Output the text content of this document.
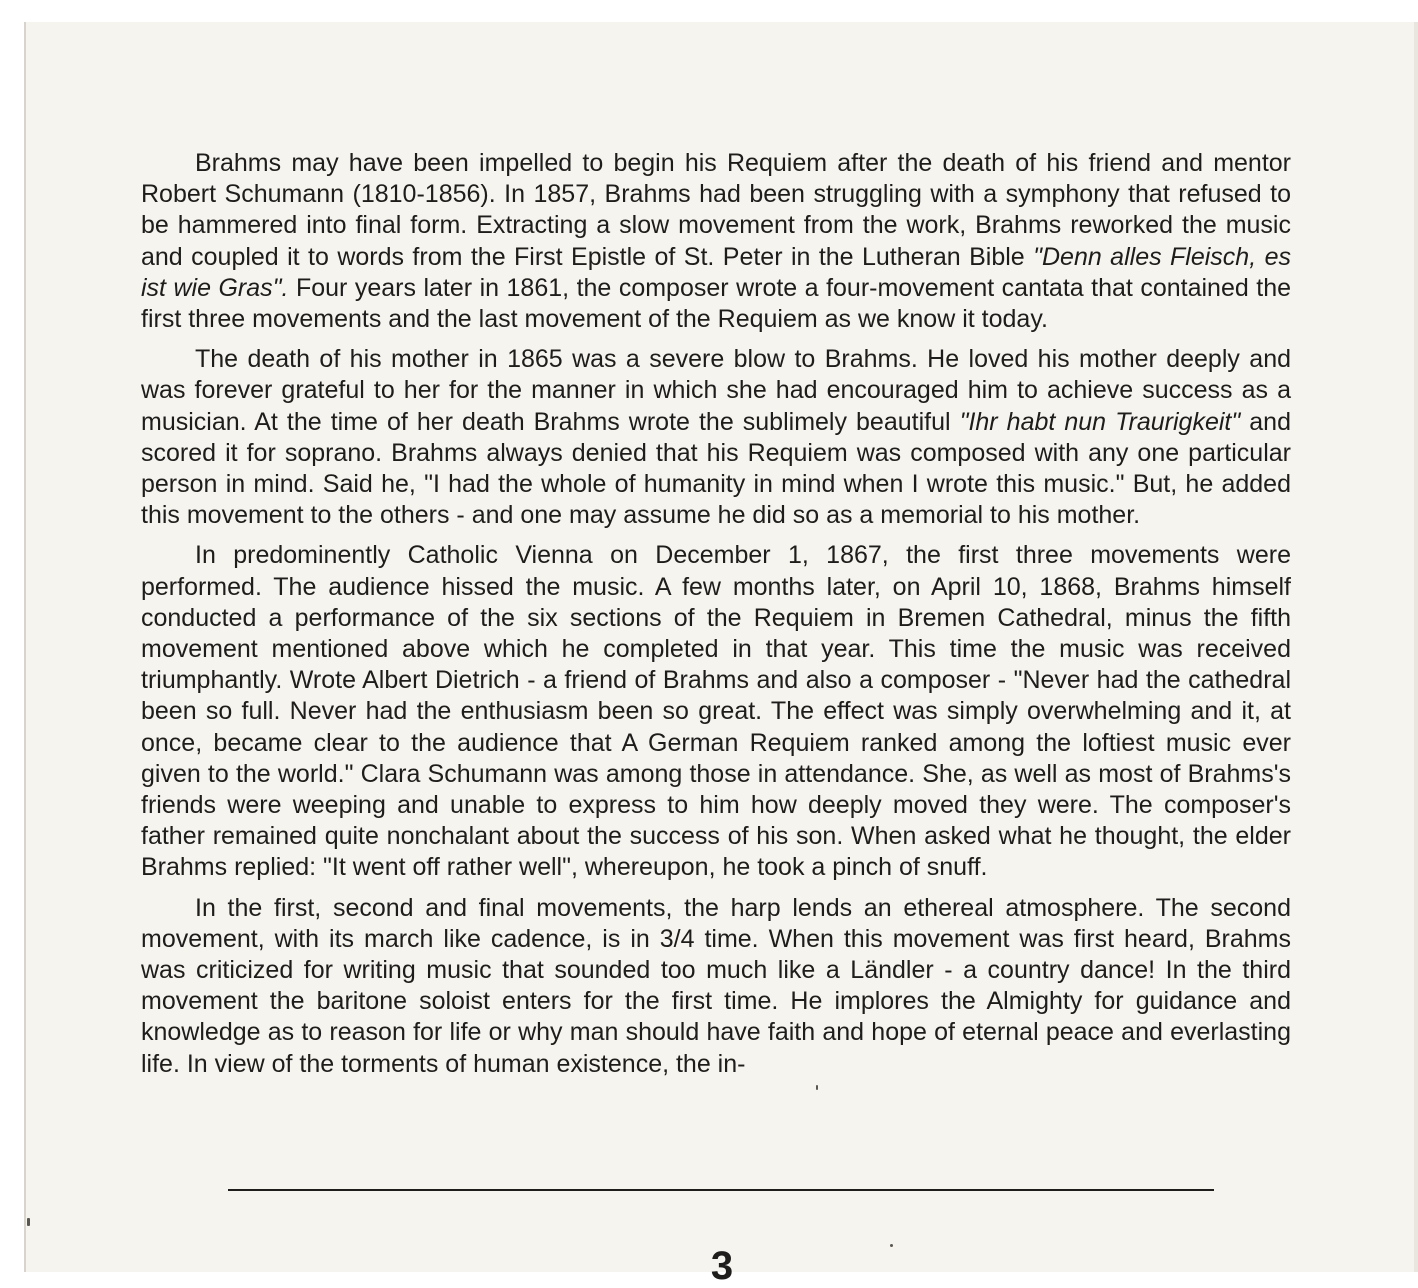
Brahms may have been impelled to begin his Requiem after the death of his friend and mentor Robert Schumann (1810-1856). In 1857, Brahms had been struggling with a symphony that refused to be hammered into final form. Extracting a slow movement from the work, Brahms reworked the music and coupled it to words from the First Epistle of St. Peter in the Lutheran Bible "Denn alles Fleisch, es ist wie Gras". Four years later in 1861, the composer wrote a four-movement cantata that contained the first three movements and the last movement of the Requiem as we know it today.

The death of his mother in 1865 was a severe blow to Brahms. He loved his mother deeply and was forever grateful to her for the manner in which she had encouraged him to achieve success as a musician. At the time of her death Brahms wrote the sublimely beautiful "Ihr habt nun Traurigkeit" and scored it for soprano. Brahms always denied that his Requiem was composed with any one particular person in mind. Said he, "I had the whole of humanity in mind when I wrote this music." But, he added this movement to the others - and one may assume he did so as a memorial to his mother.

In predominently Catholic Vienna on December 1, 1867, the first three movements were performed. The audience hissed the music. A few months later, on April 10, 1868, Brahms himself conducted a performance of the six sections of the Requiem in Bremen Cathedral, minus the fifth movement mentioned above which he completed in that year. This time the music was received triumphantly. Wrote Albert Dietrich - a friend of Brahms and also a composer - "Never had the cathedral been so full. Never had the enthusiasm been so great. The effect was simply overwhelming and it, at once, became clear to the audience that A German Requiem ranked among the loftiest music ever given to the world." Clara Schumann was among those in attendance. She, as well as most of Brahms's friends were weeping and unable to express to him how deeply moved they were. The composer's father remained quite nonchalant about the success of his son. When asked what he thought, the elder Brahms replied: "It went off rather well", whereupon, he took a pinch of snuff.

In the first, second and final movements, the harp lends an ethereal atmosphere. The second movement, with its march like cadence, is in 3/4 time. When this movement was first heard, Brahms was criticized for writing music that sounded too much like a Ländler - a country dance! In the third movement the baritone soloist enters for the first time. He implores the Almighty for guidance and knowledge as to reason for life or why man should have faith and hope of eternal peace and everlasting life. In view of the torments of human existence, the in-

3
